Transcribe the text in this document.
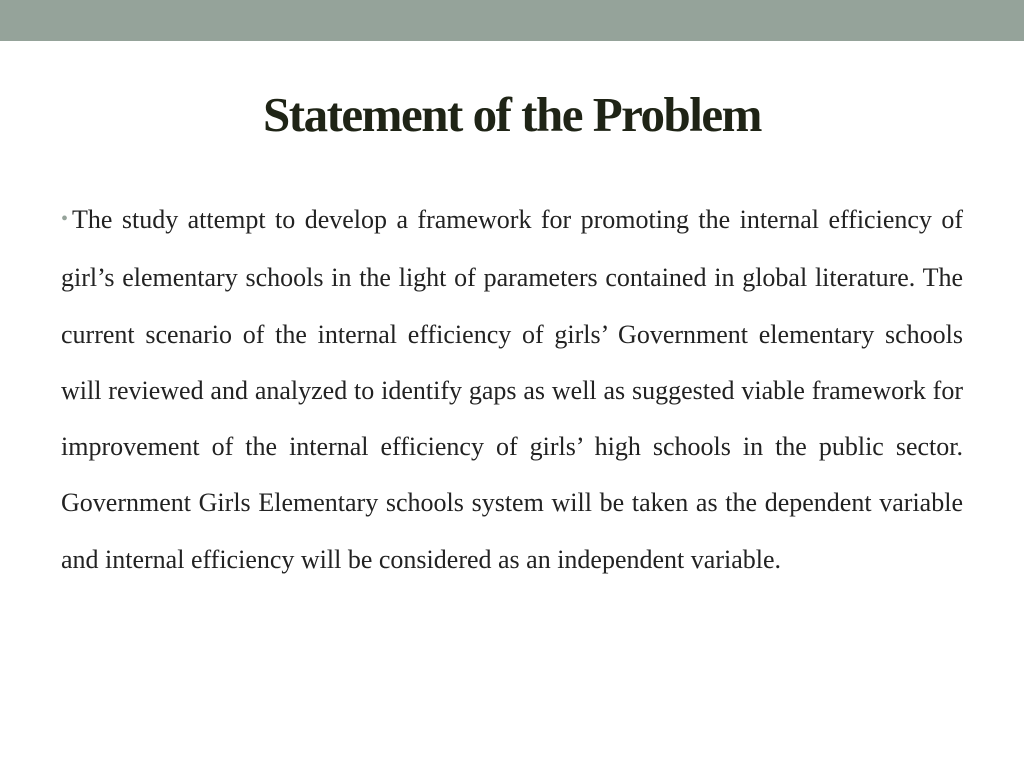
Statement of the Problem

• The study attempt to develop a framework for promoting the internal efficiency of girl’s elementary schools in the light of parameters contained in global literature. The current scenario of the internal efficiency of girls’ Government elementary schools will reviewed and analyzed to identify gaps as well as suggested viable framework for improvement of the internal efficiency of girls’ high schools in the public sector. Government Girls Elementary schools system will be taken as the dependent variable and internal efficiency will be considered as an independent variable.
